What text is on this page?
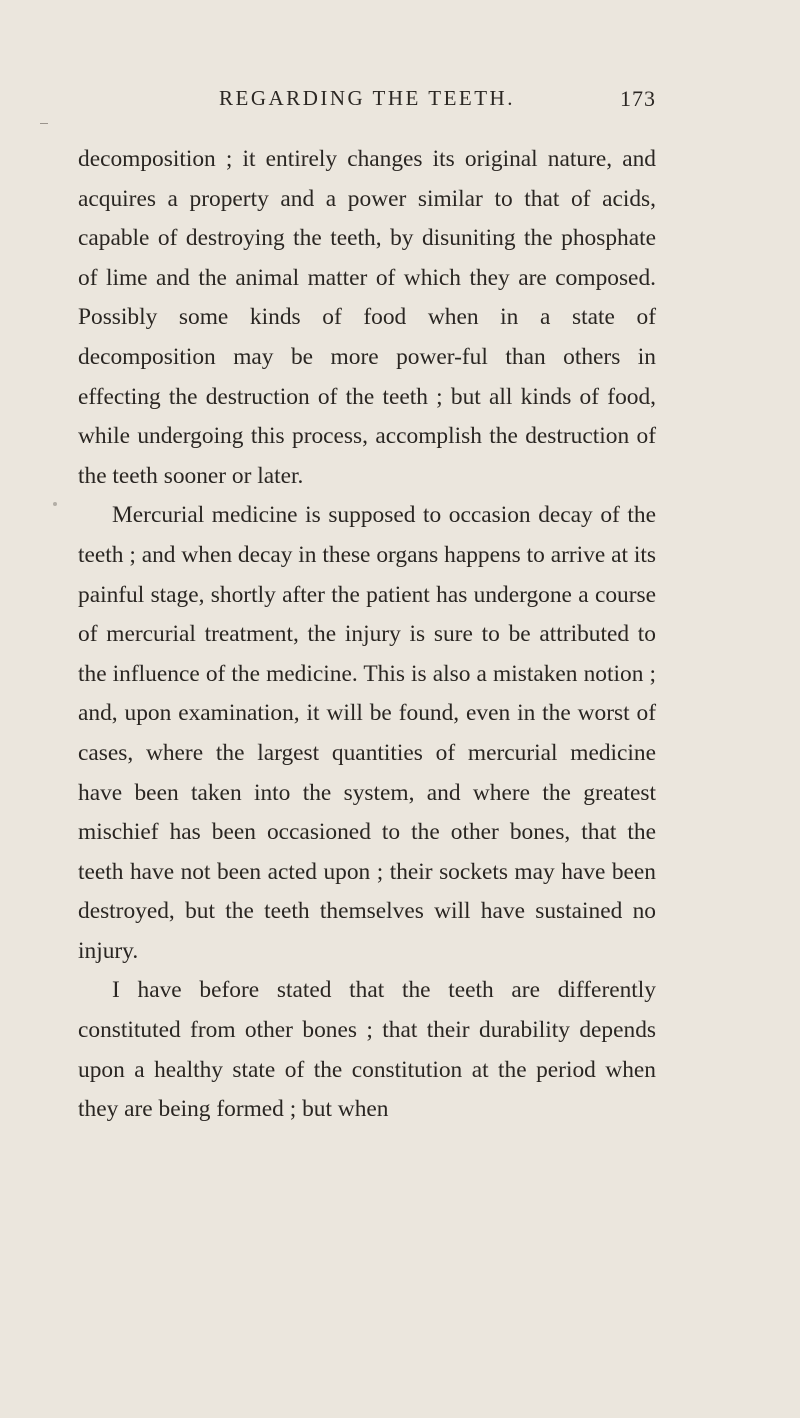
REGARDING THE TEETH.	173

decomposition ; it entirely changes its original nature, and acquires a property and a power similar to that of acids, capable of destroying the teeth, by disuniting the phosphate of lime and the animal matter of which they are composed. Possibly some kinds of food when in a state of decomposition may be more power-ful than others in effecting the destruction of the teeth ; but all kinds of food, while undergoing this process, accomplish the destruction of the teeth sooner or later.

Mercurial medicine is supposed to occasion decay of the teeth ; and when decay in these organs happens to arrive at its painful stage, shortly after the patient has undergone a course of mercurial treatment, the injury is sure to be attributed to the influence of the medicine. This is also a mistaken notion ; and, upon examination, it will be found, even in the worst of cases, where the largest quantities of mercurial medicine have been taken into the system, and where the greatest mischief has been occasioned to the other bones, that the teeth have not been acted upon ; their sockets may have been destroyed, but the teeth themselves will have sustained no injury.

I have before stated that the teeth are differently constituted from other bones ; that their durability depends upon a healthy state of the constitution at the period when they are being formed ; but when
